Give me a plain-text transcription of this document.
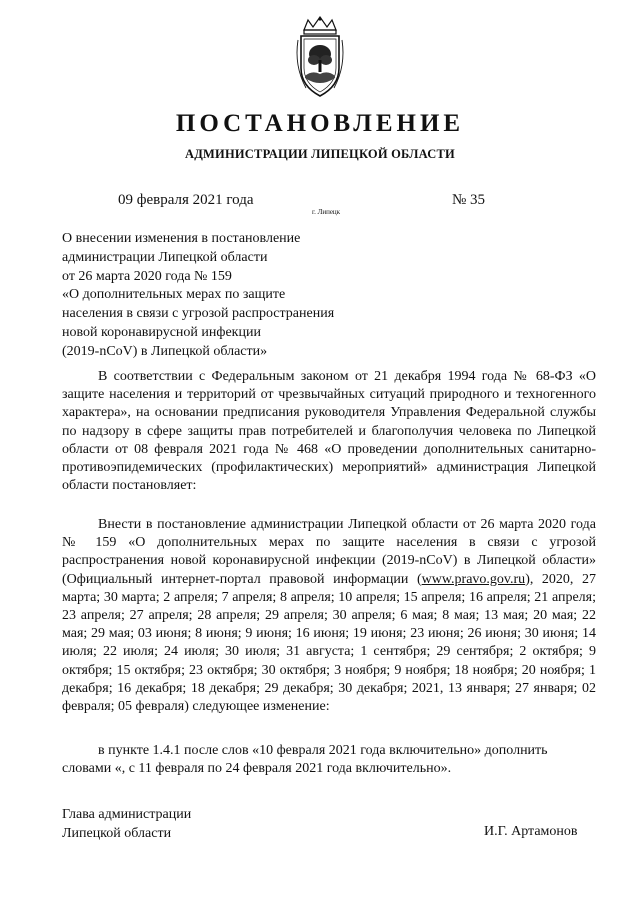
ПОСТАНОВЛЕНИЕ
АДМИНИСТРАЦИИ ЛИПЕЦКОЙ ОБЛАСТИ
09 февраля 2021 года	№ 35
г. Липецк
О внесении изменения в постановление
администрации Липецкой области
от 26 марта 2020 года № 159
«О дополнительных мерах по защите
населения в связи с угрозой распространения
новой коронавирусной инфекции
(2019-nCoV) в Липецкой области»
В соответствии с Федеральным законом от 21 декабря 1994 года № 68-ФЗ «О защите населения и территорий от чрезвычайных ситуаций природного и техногенного характера», на основании предписания руководителя Управления Федеральной службы по надзору в сфере защиты прав потребителей и благополучия человека по Липецкой области от 08 февраля 2021 года № 468 «О проведении дополнительных санитарно-противоэпидемических (профилактических) мероприятий» администрация Липецкой области постановляет:
Внести в постановление администрации Липецкой области от 26 марта 2020 года № 159 «О дополнительных мерах по защите населения в связи с угрозой распространения новой коронавирусной инфекции (2019-nCoV) в Липецкой области» (Официальный интернет-портал правовой информации (www.pravo.gov.ru), 2020, 27 марта; 30 марта; 2 апреля; 7 апреля; 8 апреля; 10 апреля; 15 апреля; 16 апреля; 21 апреля; 23 апреля; 27 апреля; 28 апреля; 29 апреля; 30 апреля; 6 мая; 8 мая; 13 мая; 20 мая; 22 мая; 29 мая; 03 июня; 8 июня; 9 июня; 16 июня; 19 июня; 23 июня; 26 июня; 30 июня; 14 июля; 22 июля; 24 июля; 30 июля; 31 августа; 1 сентября; 29 сентября; 2 октября; 9 октября; 15 октября; 23 октября; 30 октября; 3 ноября; 9 ноября; 18 ноября; 20 ноября; 1 декабря; 16 декабря; 18 декабря; 29 декабря; 30 декабря; 2021, 13 января; 27 января; 02 февраля; 05 февраля) следующее изменение:
в пункте 1.4.1 после слов «10 февраля 2021 года включительно» дополнить
словами «, с 11 февраля по 24 февраля 2021 года включительно».
Глава администрации
Липецкой области	И.Г. Артамонов
